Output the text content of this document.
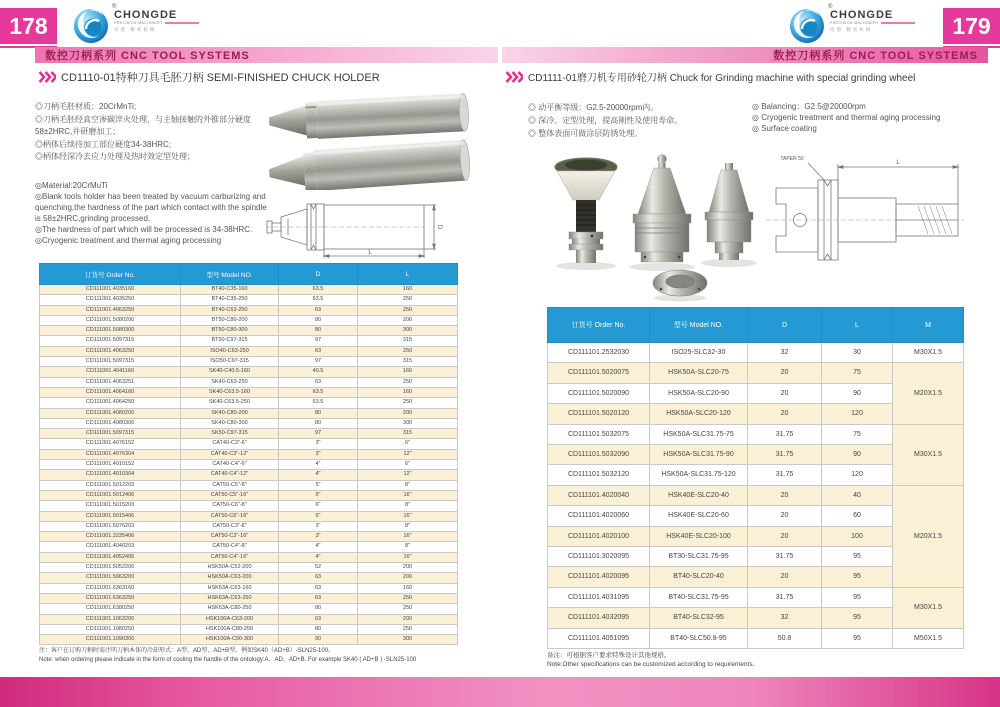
178
®
CHONGDE
PRECISION MACHINERY
崇德 精密机械
数控刀柄系列 CNC TOOL SYSTEMS
CD1110-01特种刀具毛胚刀柄 SEMI-FINISHED CHUCK HOLDER

◎刀柄毛胚材质：20CrMnTi;

◎刀柄毛胚经真空渗碳淬火处理，与主轴接触的外锥部分硬度58±2HRC,并研磨加工；

◎柄体后续待加工部位硬度34-38HRC;

◎柄体经深冷去应力处理及热时效定型处理；

◎Material:20CrMuTi

◎Blank tools holder has been treated by vacuum carburizing and quenching,the hardness of the part which contact with the spindle is 58±2HRC,grinding processed.

◎The hardness of part which will be processed is 34-38HRC.

◎Cryogenic treatment and thermal aging processing

L
D
订货号 Order No.	型号 Model NO.	D	L
CD111001.4035160	BT40-C35-160	63.5	160
CD111001.4035250	BT40-C35-250	63.5	250
CD111001.4063250	BT40-C63-250	63	250
CD111001.5080200	BT50-C80-200	80	200
CD111001.5080300	BT50-C80-300	80	300
CD111001.5097315	BT50-C97-315	97	315
CD111001.4063250	ISO40-C63-250	63	250
CD111001.5097315	ISO50-C97-315	97	315
CD111001.4041160	SK40-C40.5-160	40.5	160
CD111001.4063251	SK40-C63-250	63	250
CD111001.4064160	SK40-C63.5-160	63.5	160
CD111001.4064250	SK40-C63.5-250	63.5	250
CD111001.4080200	SK40-C80-200	80	200
CD111001.4080300	SK40-C80-300	80	300
CD111001.5097315	SK50-C97-315	97	315
CD111001.4076152	CAT40-C3"-6"	3"	6"
CD111001.4076304	CAT40-C3"-12"	3"	12"
CD111001.4010152	CAT40-C4"-6"	4"	6"
CD111001.4010304	CAT40-C4"-12"	4"	12"
CD111001.5012203	CAT50-C5"-8"	5"	8"
CD111001.5012406	CAT50-C5"-16"	5"	16"
CD111001.5015203	CAT50-C6"-8"	6"	8"
CD111001.5015406	CAT50-C6"-16"	6"	16"
CD111001.5076203	CAT50-C3"-8"	3"	8"
CD111001.3235406	CAT50-C3"-16"	3"	16"
CD111001.4040203	CAT50-C4"-8"	4"	8"
CD111001.4052406	CAT50-C4"-16"	4"	16"
CD111001.5052200	HSK50A-C52-200	52	200
CD111001.5063200	HSK50A-C63-200	63	200
CD111001.6363160	HSK63A-C63-160	63	160
CD111001.6363250	HSK63A-C63-250	63	250
CD111001.6380250	HSK63A-C80-250	80	250
CD111001.1063200	HSK100A-C63-200	63	200
CD111001.1080250	HSK100A-C80-250	80	250
CD111001.1090300	HSK100A-C90-300	90	300

注：客户在订购刀柄时需注明刀柄本体的冷却形式：A型、AD型、AD+B型。例如SK40（AD+B）-SLN25-100。

Note: when ordering please indicate in the form of cooling the handle of the ontology:A、AD、AD+B. For example SK40 ( AD+B ) -SLN25-100

179
®
CHONGDE
PRECISION MACHINERY
崇德 精密机械
数控刀柄系列 CNC TOOL SYSTEMS
CD1111-01磨刀机专用砂轮刀柄 Chuck for Grinding machine with special grinding wheel

◎ 动平衡等级：G2.5-20000rpm内。

◎ 深冷、定型处理，提高刚性及使用寿命。

◎ 整体表面可做涂层防锈处理。

◎ Balancing：G2.5@20000rpm

◎ Cryogenic treatment and thermal aging processing

◎ Surface coating

L
TAPER 50
订货号 Order No.	型号 Model NO.	D	L	M
CD111101.2532030	ISO25-SLC32-30	32	30	M30X1.5
CD111101.5020075	HSK50A-SLC20-75	20	75	M20X1.5
CD111101.5020090	HSK50A-SLC20-90	20	90	
CD111101.5020120	HSK50A-SLC20-120	20	120	
CD111101.5032075	HSK50A-SLC31.75-75	31.75	75	M30X1.5
CD111101.5032090	HSK50A-SLC31.75-90	31.75	90	
CD111101.5032120	HSK50A-SLC31.75-120	31.75	120	
CD111101.4020040	HSK40E-SLC20-40	20	40	M20X1.5
CD111101.4020060	HSK40E-SLC20-60	20	60	
CD111101.4020100	HSK40E-SLC20-100	20	100	
CD111101.3020095	BT30-SLC31.75-95	31.75	95	
CD111101.4020095	BT40-SLC20-40	20	95	
CD111101.4031095	BT40-SLC31.75-95	31.75	95	M30X1.5
CD111101.4032095	BT40-SLC32-95	32	95	
CD111101.4051095	BT40-SLC50.8-95	50.8	95	M50X1.5

备注：可根据客户要求特殊设计其他规格。

Note:Other specifications can be customized according to requirements.
